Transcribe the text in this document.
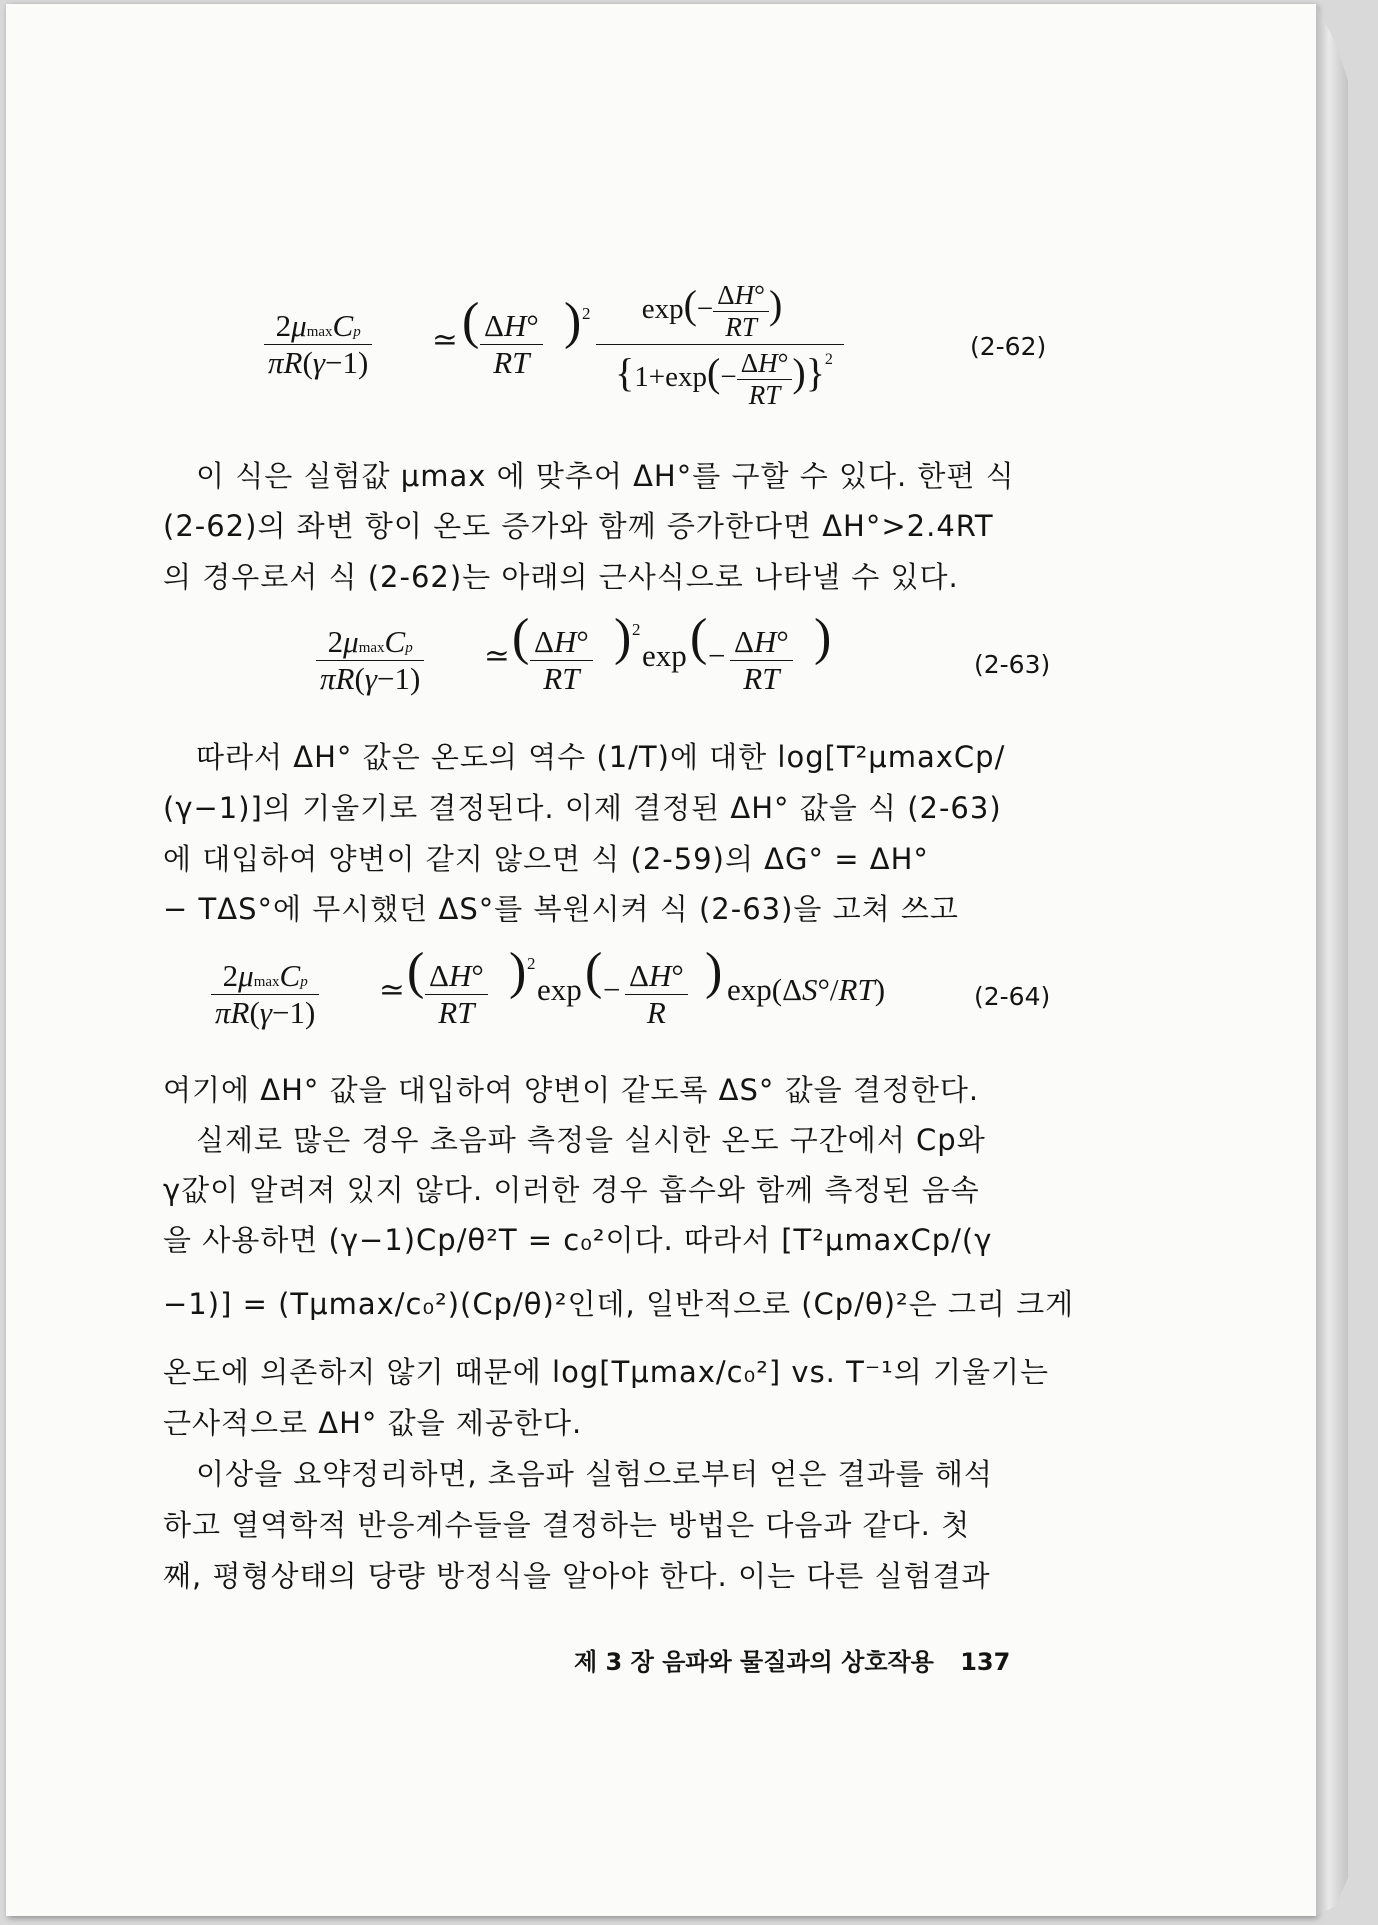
2μmaxCp
πR(γ−1)
≃ ( $\frac{\Delta H^\circ}{RT}$ ) 2	$\exp(- \frac{\Delta H^\circ}{RT}$ )
$\{1+\exp(- \frac{\Delta H^\circ}{RT} )\}^2$	(2-62)
이 식은 실험값 μmax 에 맞추어 ΔH°를 구할 수 있다. 한편 식
(2-62)의 좌변 항이 온도 증가와 함께 증가한다면 ΔH°>2.4RT
의 경우로서 식 (2-62)는 아래의 근사식으로 나타낼 수 있다.
2μmaxCp
πR(γ−1)
≃ ( $\frac{\Delta H^\circ}{RT}$ ) 2
exp ( − $\frac{\Delta H^\circ}{RT}$ )	(2-63)
따라서 ΔH° 값은 온도의 역수 (1/T)에 대한 log[T²μmaxCp/
(γ−1)]의 기울기로 결정된다. 이제 결정된 ΔH° 값을 식 (2-63)
에 대입하여 양변이 같지 않으면 식 (2-59)의 ΔG° = ΔH°
− TΔS°에 무시했던 ΔS°를 복원시켜 식 (2-63)을 고쳐 쓰고
2μmaxCp
πR(γ−1)
≃ ( $\frac{\Delta H^\circ}{RT}$ ) 2
exp ( − $\frac{\Delta H^\circ}{R}$ ) exp(ΔS°/RT)	(2-64)
여기에 ΔH° 값을 대입하여 양변이 같도록 ΔS° 값을 결정한다.
실제로 많은 경우 초음파 측정을 실시한 온도 구간에서 Cp와
γ값이 알려져 있지 않다. 이러한 경우 흡수와 함께 측정된 음속
을 사용하면 (γ−1)Cp/θ²T = c₀²이다. 따라서 [T²μmaxCp/(γ
−1)] = (Tμmax/c₀²)(Cp/θ)²인데, 일반적으로 (Cp/θ)²은 그리 크게
온도에 의존하지 않기 때문에 log[Tμmax/c₀²] vs. T⁻¹의 기울기는
근사적으로 ΔH° 값을 제공한다.
이상을 요약정리하면, 초음파 실험으로부터 얻은 결과를 해석
하고 열역학적 반응계수들을 결정하는 방법은 다음과 같다. 첫
째, 평형상태의 당량 방정식을 알아야 한다. 이는 다른 실험결과
제 3 장 음파와 물질과의 상호작용 137
